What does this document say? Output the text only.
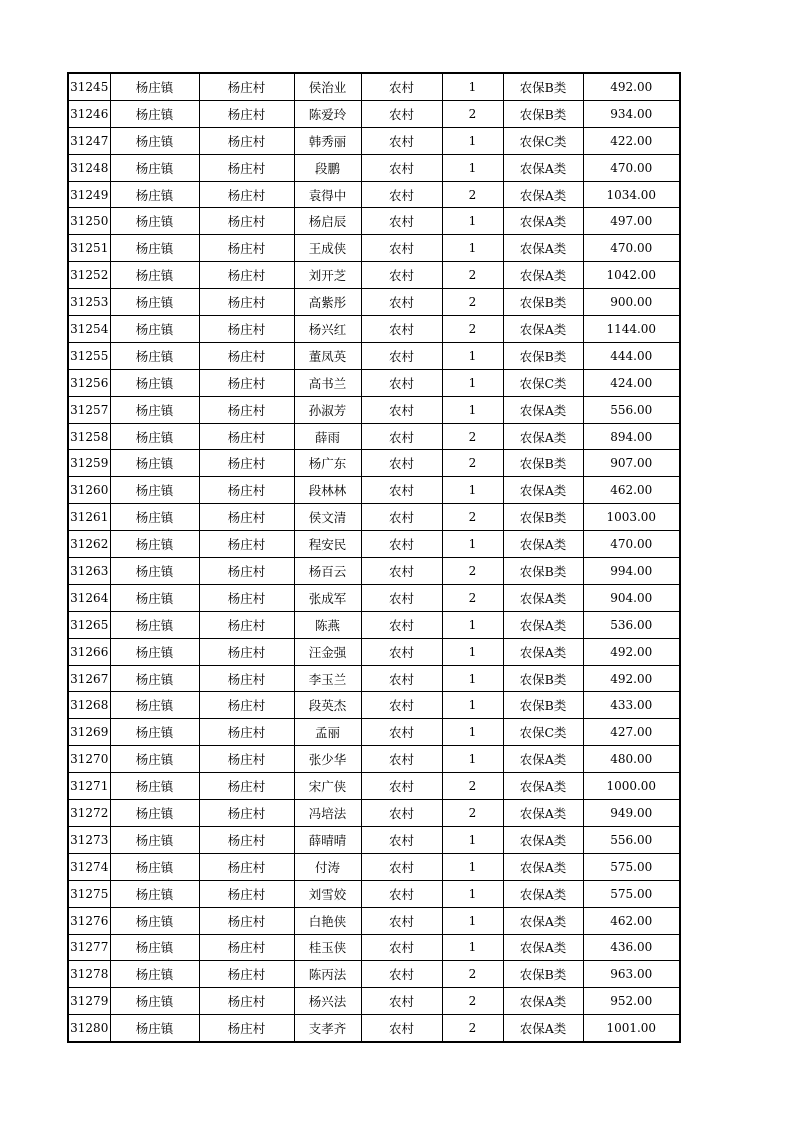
31245	杨庄镇	杨庄村	侯治业	农村	1	农保B类	492.00
31246	杨庄镇	杨庄村	陈爱玲	农村	2	农保B类	934.00
31247	杨庄镇	杨庄村	韩秀丽	农村	1	农保C类	422.00
31248	杨庄镇	杨庄村	段鹏	农村	1	农保A类	470.00
31249	杨庄镇	杨庄村	袁得中	农村	2	农保A类	1034.00
31250	杨庄镇	杨庄村	杨启辰	农村	1	农保A类	497.00
31251	杨庄镇	杨庄村	王成侠	农村	1	农保A类	470.00
31252	杨庄镇	杨庄村	刘开芝	农村	2	农保A类	1042.00
31253	杨庄镇	杨庄村	高紫彤	农村	2	农保B类	900.00
31254	杨庄镇	杨庄村	杨兴红	农村	2	农保A类	1144.00
31255	杨庄镇	杨庄村	董凤英	农村	1	农保B类	444.00
31256	杨庄镇	杨庄村	高书兰	农村	1	农保C类	424.00
31257	杨庄镇	杨庄村	孙淑芳	农村	1	农保A类	556.00
31258	杨庄镇	杨庄村	薛雨	农村	2	农保A类	894.00
31259	杨庄镇	杨庄村	杨广东	农村	2	农保B类	907.00
31260	杨庄镇	杨庄村	段林林	农村	1	农保A类	462.00
31261	杨庄镇	杨庄村	侯文清	农村	2	农保B类	1003.00
31262	杨庄镇	杨庄村	程安民	农村	1	农保A类	470.00
31263	杨庄镇	杨庄村	杨百云	农村	2	农保B类	994.00
31264	杨庄镇	杨庄村	张成军	农村	2	农保A类	904.00
31265	杨庄镇	杨庄村	陈燕	农村	1	农保A类	536.00
31266	杨庄镇	杨庄村	汪金强	农村	1	农保A类	492.00
31267	杨庄镇	杨庄村	李玉兰	农村	1	农保B类	492.00
31268	杨庄镇	杨庄村	段英杰	农村	1	农保B类	433.00
31269	杨庄镇	杨庄村	孟丽	农村	1	农保C类	427.00
31270	杨庄镇	杨庄村	张少华	农村	1	农保A类	480.00
31271	杨庄镇	杨庄村	宋广侠	农村	2	农保A类	1000.00
31272	杨庄镇	杨庄村	冯培法	农村	2	农保A类	949.00
31273	杨庄镇	杨庄村	薛晴晴	农村	1	农保A类	556.00
31274	杨庄镇	杨庄村	付涛	农村	1	农保A类	575.00
31275	杨庄镇	杨庄村	刘雪姣	农村	1	农保A类	575.00
31276	杨庄镇	杨庄村	白艳侠	农村	1	农保A类	462.00
31277	杨庄镇	杨庄村	桂玉侠	农村	1	农保A类	436.00
31278	杨庄镇	杨庄村	陈丙法	农村	2	农保B类	963.00
31279	杨庄镇	杨庄村	杨兴法	农村	2	农保A类	952.00
31280	杨庄镇	杨庄村	支孝齐	农村	2	农保A类	1001.00
